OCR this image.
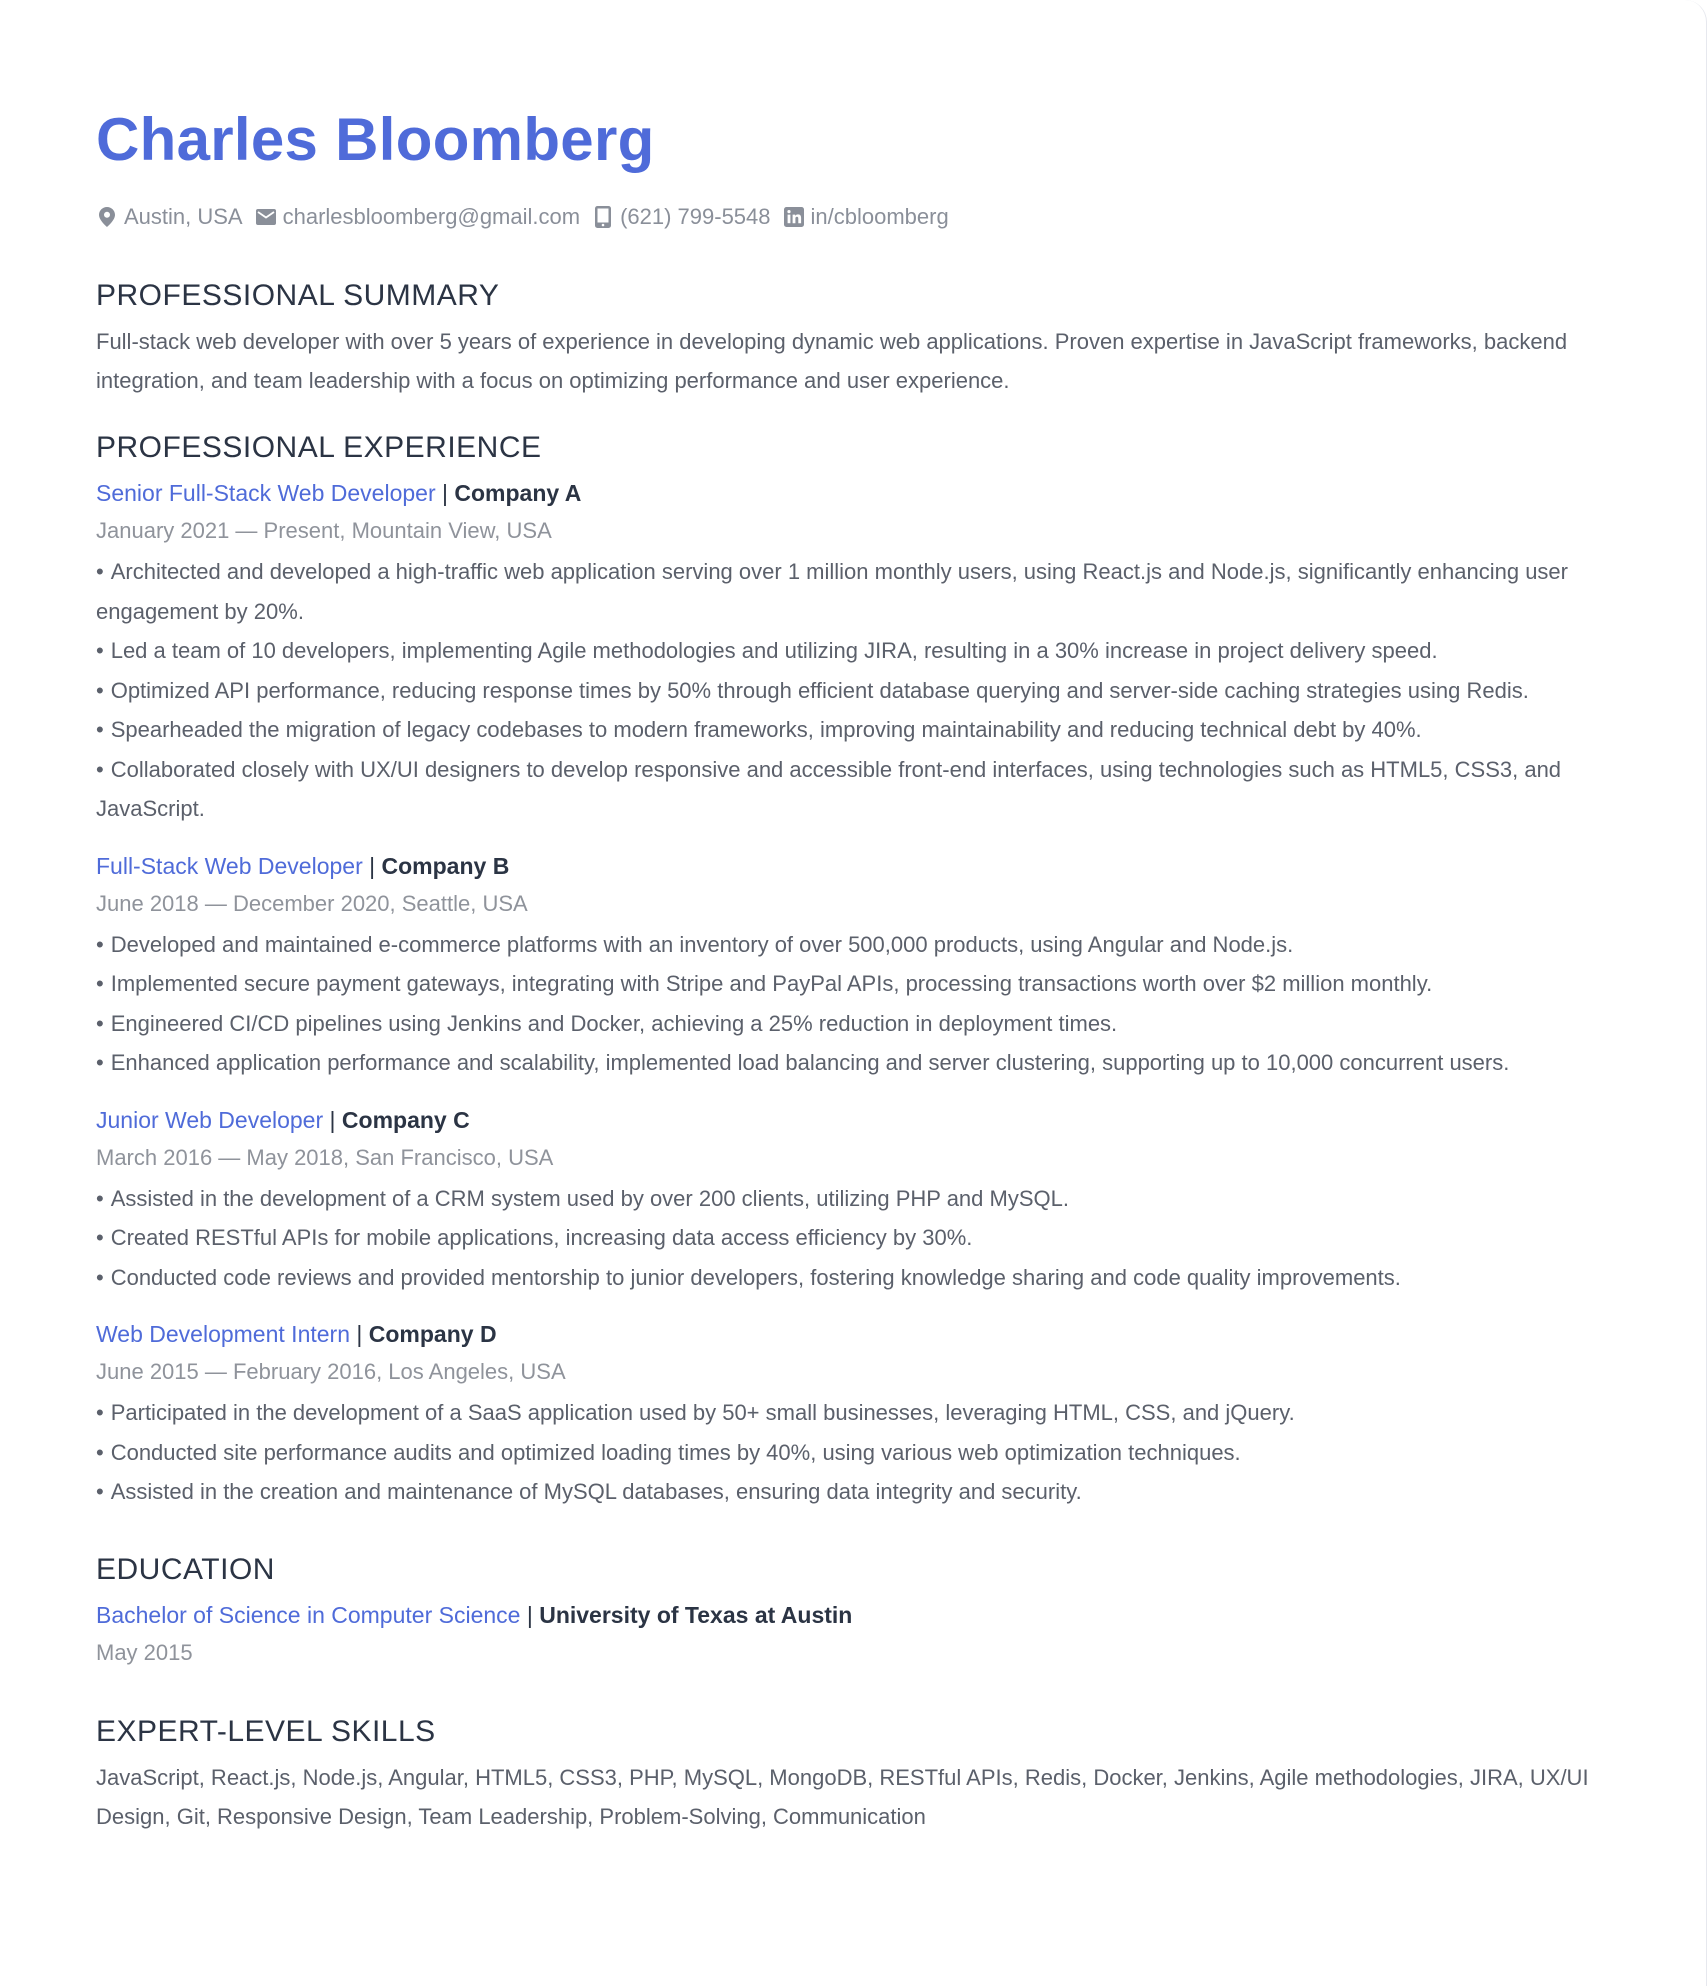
Charles Bloomberg
Austin, USA charlesbloomberg@gmail.com (621) 799-5548 in/cbloomberg
PROFESSIONAL SUMMARY

Full-stack web developer with over 5 years of experience in developing dynamic web applications. Proven expertise in JavaScript frameworks, backend integration, and team leadership with a focus on optimizing performance and user experience.

PROFESSIONAL EXPERIENCE
Senior Full-Stack Web Developer | Company A
January 2021 — Present, Mountain View, USA
• Architected and developed a high-traffic web application serving over 1 million monthly users, using React.js and Node.js, significantly enhancing user engagement by 20%.
• Led a team of 10 developers, implementing Agile methodologies and utilizing JIRA, resulting in a 30% increase in project delivery speed.
• Optimized API performance, reducing response times by 50% through efficient database querying and server-side caching strategies using Redis.
• Spearheaded the migration of legacy codebases to modern frameworks, improving maintainability and reducing technical debt by 40%.
• Collaborated closely with UX/UI designers to develop responsive and accessible front-end interfaces, using technologies such as HTML5, CSS3, and JavaScript.
Full-Stack Web Developer | Company B
June 2018 — December 2020, Seattle, USA
• Developed and maintained e-commerce platforms with an inventory of over 500,000 products, using Angular and Node.js.
• Implemented secure payment gateways, integrating with Stripe and PayPal APIs, processing transactions worth over $2 million monthly.
• Engineered CI/CD pipelines using Jenkins and Docker, achieving a 25% reduction in deployment times.
• Enhanced application performance and scalability, implemented load balancing and server clustering, supporting up to 10,000 concurrent users.
Junior Web Developer | Company C
March 2016 — May 2018, San Francisco, USA
• Assisted in the development of a CRM system used by over 200 clients, utilizing PHP and MySQL.
• Created RESTful APIs for mobile applications, increasing data access efficiency by 30%.
• Conducted code reviews and provided mentorship to junior developers, fostering knowledge sharing and code quality improvements.
Web Development Intern | Company D
June 2015 — February 2016, Los Angeles, USA
• Participated in the development of a SaaS application used by 50+ small businesses, leveraging HTML, CSS, and jQuery.
• Conducted site performance audits and optimized loading times by 40%, using various web optimization techniques.
• Assisted in the creation and maintenance of MySQL databases, ensuring data integrity and security.
EDUCATION
Bachelor of Science in Computer Science | University of Texas at Austin
May 2015
EXPERT-LEVEL SKILLS

JavaScript, React.js, Node.js, Angular, HTML5, CSS3, PHP, MySQL, MongoDB, RESTful APIs, Redis, Docker, Jenkins, Agile methodologies, JIRA, UX/UI Design, Git, Responsive Design, Team Leadership, Problem-Solving, Communication
